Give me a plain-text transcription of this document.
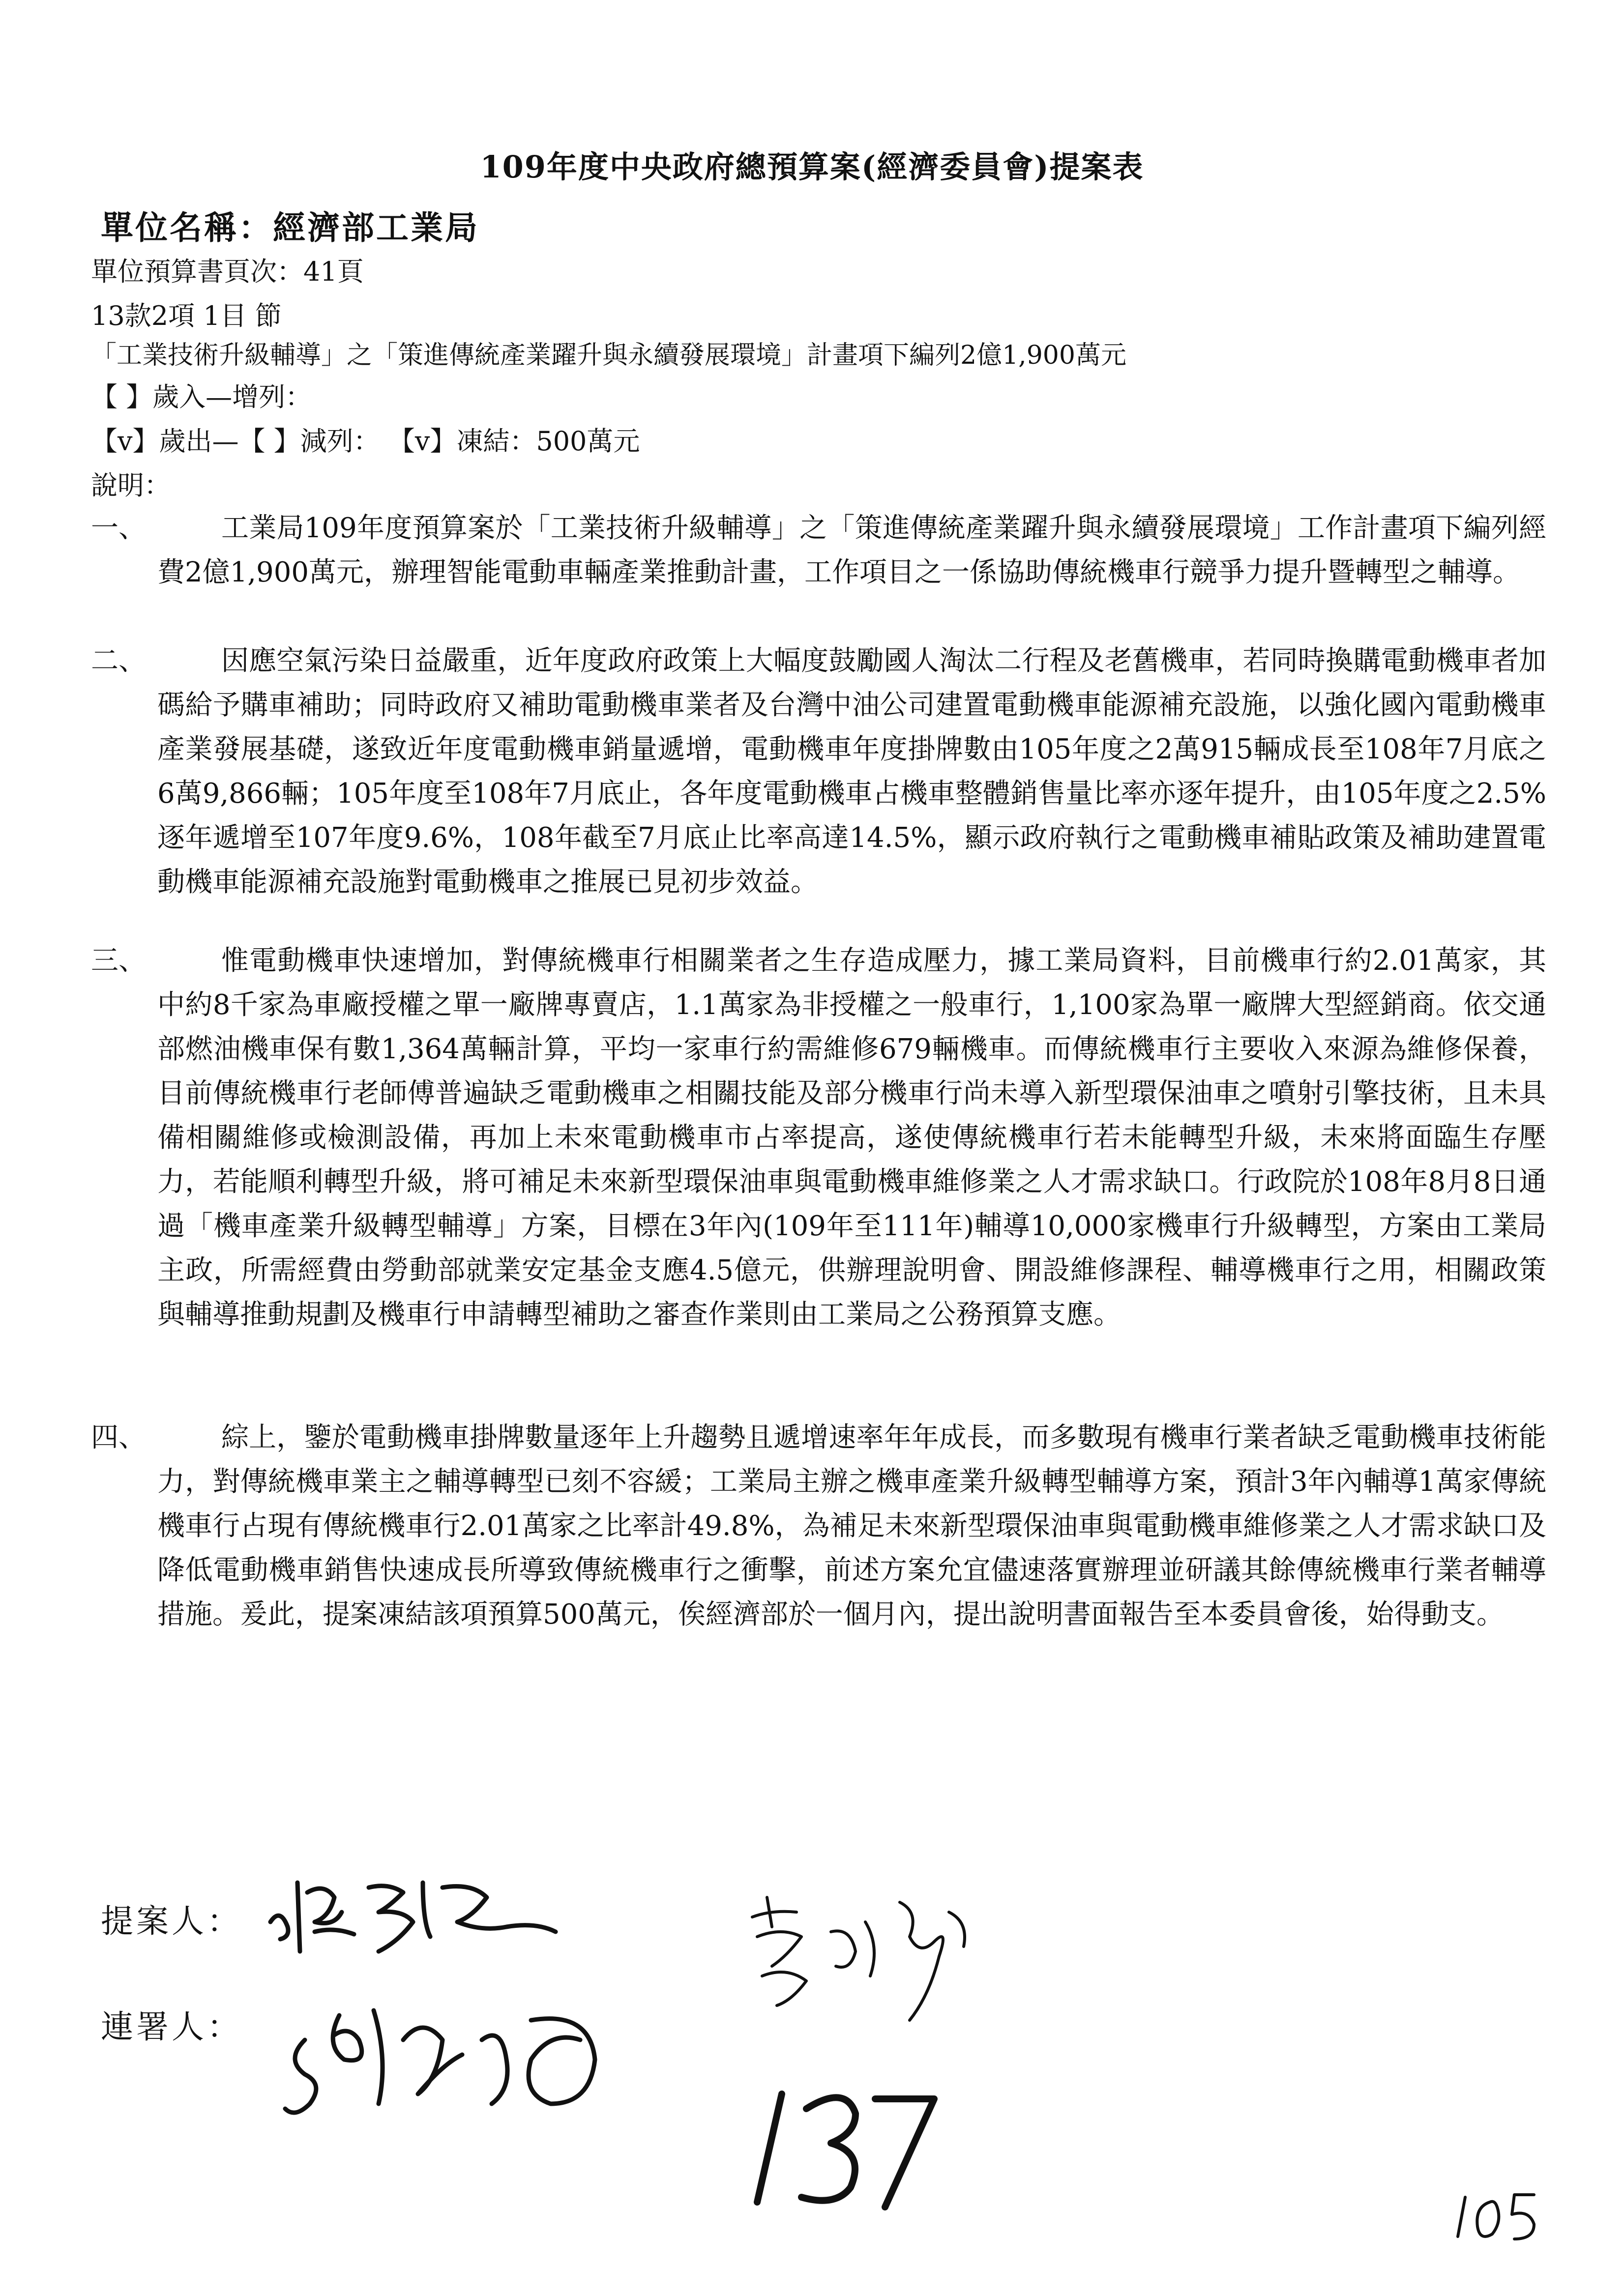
109年度中央政府總預算案(經濟委員會)提案表
單位名稱：經濟部工業局
單位預算書頁次：41頁
13款2項 1目 節
「工業技術升級輔導」之「策進傳統產業躍升與永續發展環境」計畫項下編列2億1,900萬元
【 】歲入—增列：
【v】歲出—【 】減列： 【v】凍結：500萬元
說明：
一、	工業局109年度預算案於「工業技術升級輔導」之「策進傳統產業躍升與永續發展環境」工作計畫項下編列經費2億1,900萬元，辦理智能電動車輛產業推動計畫，工作項目之一係協助傳統機車行競爭力提升暨轉型之輔導。
二、	因應空氣污染日益嚴重，近年度政府政策上大幅度鼓勵國人淘汰二行程及老舊機車，若同時換購電動機車者加碼給予購車補助；同時政府又補助電動機車業者及台灣中油公司建置電動機車能源補充設施，以強化國內電動機車產業發展基礎，遂致近年度電動機車銷量遞增，電動機車年度掛牌數由105年度之2萬915輛成長至108年7月底之6萬9,866輛；105年度至108年7月底止，各年度電動機車占機車整體銷售量比率亦逐年提升，由105年度之2.5%逐年遞增至107年度9.6%，108年截至7月底止比率高達14.5%，顯示政府執行之電動機車補貼政策及補助建置電動機車能源補充設施對電動機車之推展已見初步效益。
三、	惟電動機車快速增加，對傳統機車行相關業者之生存造成壓力，據工業局資料，目前機車行約2.01萬家，其中約8千家為車廠授權之單一廠牌專賣店，1.1萬家為非授權之一般車行，1,100家為單一廠牌大型經銷商。依交通部燃油機車保有數1,364萬輛計算，平均一家車行約需維修679輛機車。而傳統機車行主要收入來源為維修保養，目前傳統機車行老師傅普遍缺乏電動機車之相關技能及部分機車行尚未導入新型環保油車之噴射引擎技術，且未具備相關維修或檢測設備，再加上未來電動機車市占率提高，遂使傳統機車行若未能轉型升級，未來將面臨生存壓力，若能順利轉型升級，將可補足未來新型環保油車與電動機車維修業之人才需求缺口。行政院於108年8月8日通過「機車產業升級轉型輔導」方案，目標在3年內(109年至111年)輔導10,000家機車行升級轉型，方案由工業局主政，所需經費由勞動部就業安定基金支應4.5億元，供辦理說明會、開設維修課程、輔導機車行之用，相關政策與輔導推動規劃及機車行申請轉型補助之審查作業則由工業局之公務預算支應。
四、	綜上，鑒於電動機車掛牌數量逐年上升趨勢且遞增速率年年成長，而多數現有機車行業者缺乏電動機車技術能力，對傳統機車業主之輔導轉型已刻不容緩；工業局主辦之機車產業升級轉型輔導方案，預計3年內輔導1萬家傳統機車行占現有傳統機車行2.01萬家之比率計49.8%，為補足未來新型環保油車與電動機車維修業之人才需求缺口及降低電動機車銷售快速成長所導致傳統機車行之衝擊，前述方案允宜儘速落實辦理並研議其餘傳統機車行業者輔導措施。爰此，提案凍結該項預算500萬元，俟經濟部於一個月內，提出說明書面報告至本委員會後，始得動支。
提案人：
連署人：
